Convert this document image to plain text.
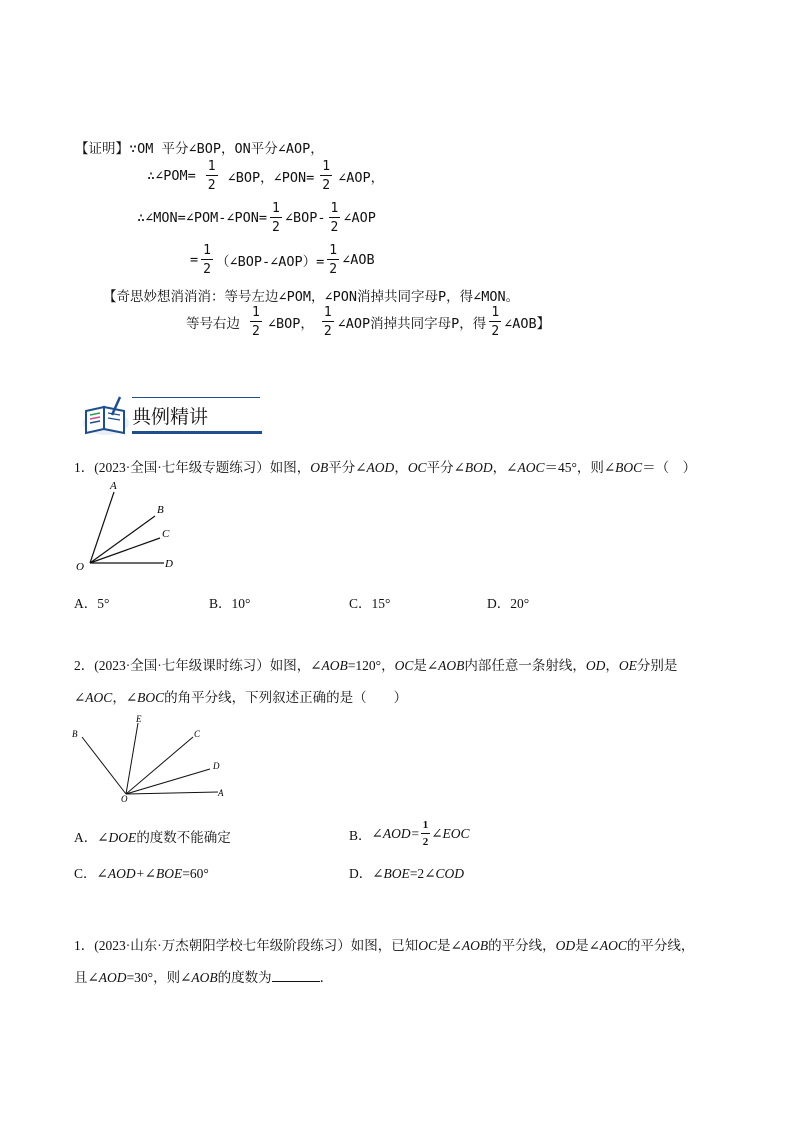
【证明】∵OM 平分∠BOP，ON平分∠AOP，
∴∠POM= $\frac{1}{2}$ ∠BOP，∠PON= $\frac{1}{2}$ ∠AOP，
∴∠MON=∠POM-∠PON= $\frac{1}{2}$ ∠BOP- $\frac{1}{2}$ ∠AOP
= $\frac{1}{2}$ （∠BOP-∠AOP）= $\frac{1}{2}$ ∠AOB
【奇思妙想消消消：等号左边∠POM，∠PON消掉共同字母P，得∠MON。
等号右边 $\frac{1}{2}$ ∠BOP， $\frac{1}{2}$ ∠AOP消掉共同字母P，得 $\frac{1}{2}$ ∠AOB】
典例精讲
1．(2023·全国·七年级专题练习）如图，OB平分∠AOD，OC平分∠BOD，∠AOC＝45°，则∠BOC＝（　）
A
B
C
D
O
A．5°	B．10°	C．15°	D．20°
2．(2023·全国·七年级课时练习）如图，∠AOB=120°，OC是∠AOB内部任意一条射线，OD，OE分别是
∠AOC，∠BOC的角平分线，下列叙述正确的是（　　）
B
E
C
D
A
O
A．∠DOE的度数不能确定	B． ∠AOD= $\frac{1}{2}$ ∠EOC
C．∠AOD+∠BOE=60°	D．∠BOE=2∠COD
1．(2023·山东·万杰朝阳学校七年级阶段练习）如图，已知OC是∠AOB的平分线，OD是∠AOC的平分线，
且∠AOD=30°，则∠AOB的度数为	．
